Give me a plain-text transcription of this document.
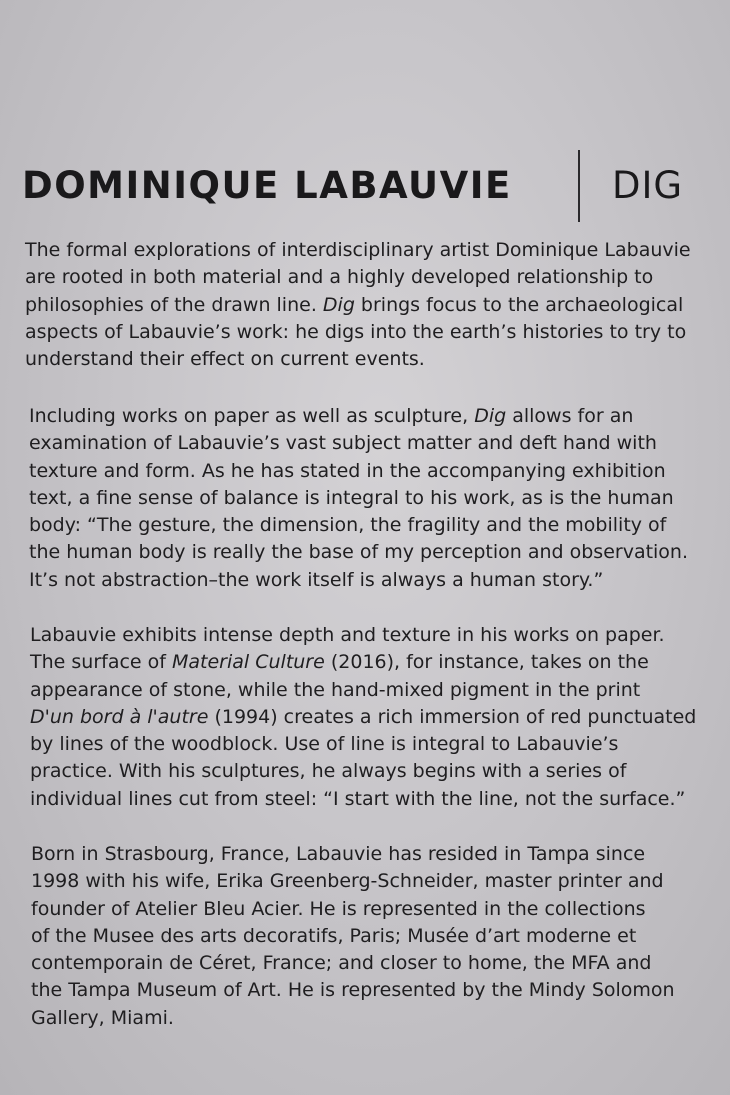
DOMINIQUE LABAUVIE	DIG

The formal explorations of interdisciplinary artist Dominique Labauvie
are rooted in both material and a highly developed relationship to
philosophies of the drawn line. Dig brings focus to the archaeological
aspects of Labauvie’s work: he digs into the earth’s histories to try to
understand their effect on current events.

Including works on paper as well as sculpture, Dig allows for an
examination of Labauvie’s vast subject matter and deft hand with
texture and form. As he has stated in the accompanying exhibition
text, a fine sense of balance is integral to his work, as is the human
body: “The gesture, the dimension, the fragility and the mobility of
the human body is really the base of my perception and observation.
It’s not abstraction–the work itself is always a human story.”

Labauvie exhibits intense depth and texture in his works on paper.
The surface of Material Culture (2016), for instance, takes on the
appearance of stone, while the hand-mixed pigment in the print
D'un bord à l'autre (1994) creates a rich immersion of red punctuated
by lines of the woodblock. Use of line is integral to Labauvie’s
practice. With his sculptures, he always begins with a series of
individual lines cut from steel: “I start with the line, not the surface.”

Born in Strasbourg, France, Labauvie has resided in Tampa since
1998 with his wife, Erika Greenberg-Schneider, master printer and
founder of Atelier Bleu Acier. He is represented in the collections
of the Musee des arts decoratifs, Paris; Musée d’art moderne et
contemporain de Céret, France; and closer to home, the MFA and
the Tampa Museum of Art. He is represented by the Mindy Solomon
Gallery, Miami.
